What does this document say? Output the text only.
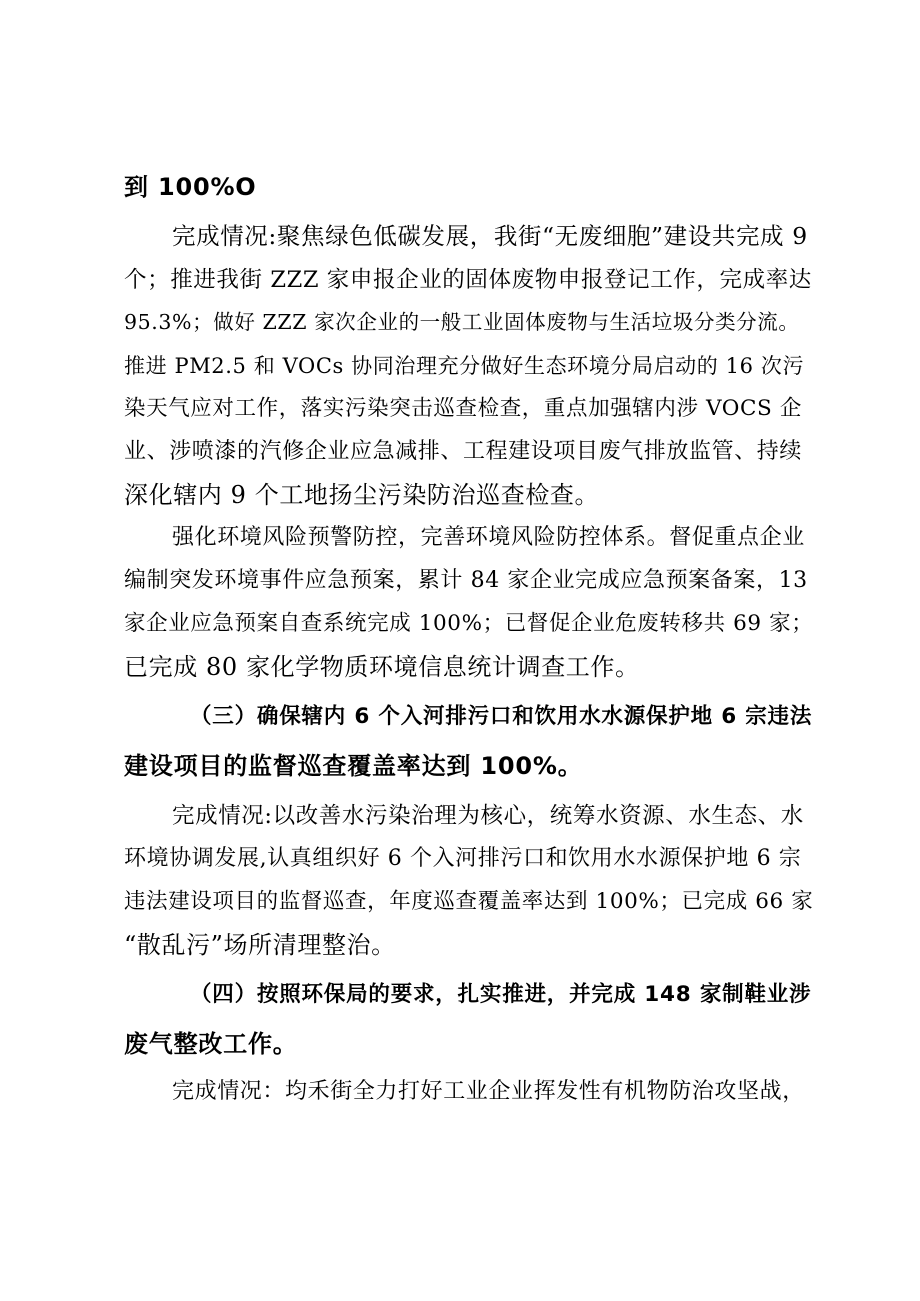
到 100%O
完成情况:聚焦绿色低碳发展，我街“无废细胞”建设共完成 9
个；推进我街 ZZZ 家申报企业的固体废物申报登记工作，完成率达
95.3%；做好 ZZZ 家次企业的一般工业固体废物与生活垃圾分类分流。
推进 PM2.5 和 VOCs 协同治理充分做好生态环境分局启动的 16 次污
染天气应对工作，落实污染突击巡查检查，重点加强辖内涉 VOCS 企
业、涉喷漆的汽修企业应急减排、工程建设项目废气排放监管、持续
深化辖内 9 个工地扬尘污染防治巡查检查。
强化环境风险预警防控，完善环境风险防控体系。督促重点企业
编制突发环境事件应急预案，累计 84 家企业完成应急预案备案，13
家企业应急预案自查系统完成 100%；已督促企业危废转移共 69 家；
已完成 80 家化学物质环境信息统计调查工作。
（三）确保辖内 6 个入河排污口和饮用水水源保护地 6 宗违法
建设项目的监督巡查覆盖率达到 100%。
完成情况:以改善水污染治理为核心，统筹水资源、水生态、水
环境协调发展,认真组织好 6 个入河排污口和饮用水水源保护地 6 宗
违法建设项目的监督巡查，年度巡查覆盖率达到 100%；已完成 66 家
“散乱污”场所清理整治。
（四）按照环保局的要求，扎实推进，并完成 148 家制鞋业涉
废气整改工作。
完成情况：均禾街全力打好工业企业挥发性有机物防治攻坚战，
